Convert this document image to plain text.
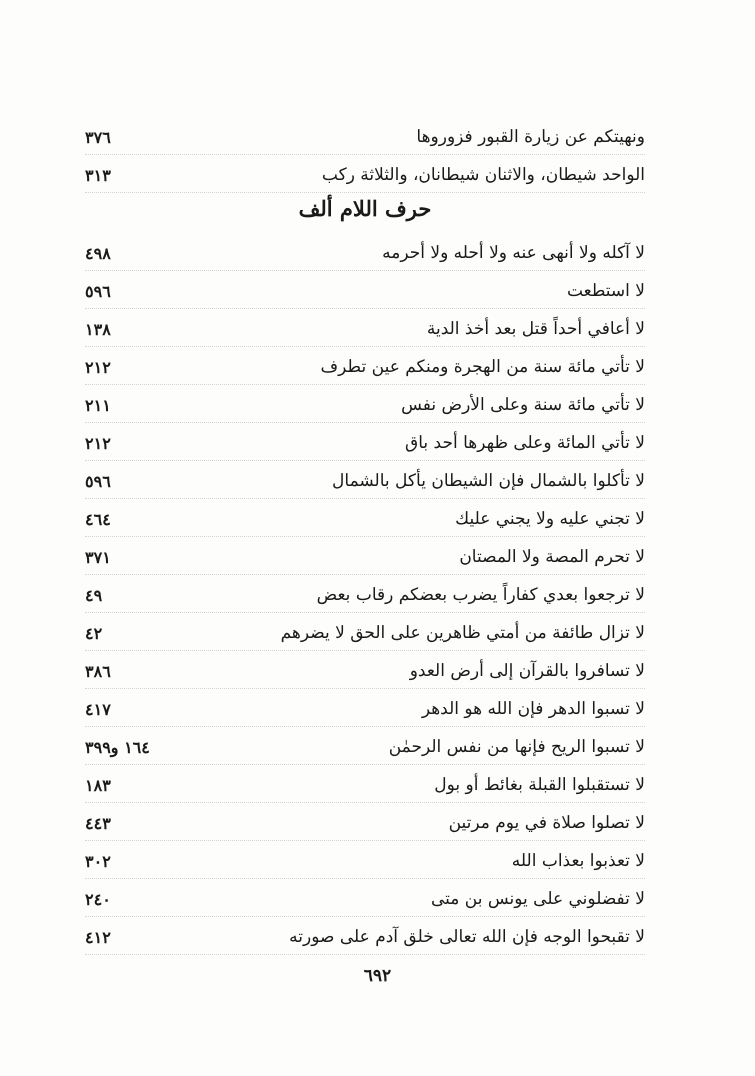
ونهيتكم عن زيارة القبور فزوروها
٣٧٦
الواحد شيطان، والاثنان شيطانان، والثلاثة ركب
٣١٣
حرف اللام ألف
لا آكله ولا أنهى عنه ولا أحله ولا أحرمه
٤٩٨
لا استطعت
٥٩٦
لا أعافي أحداً قتل بعد أخذ الدية
١٣٨
لا تأتي مائة سنة من الهجرة ومنكم عين تطرف
٢١٢
لا تأتي مائة سنة وعلى الأرض نفس
٢١١
لا تأتي المائة وعلى ظهرها أحد باق
٢١٢
لا تأكلوا بالشمال فإن الشيطان يأكل بالشمال
٥٩٦
لا تجني عليه ولا يجني عليك
٤٦٤
لا تحرم المصة ولا المصتان
٣٧١
لا ترجعوا بعدي كفاراً يضرب بعضكم رقاب بعض
٤٩
لا تزال طائفة من أمتي ظاهرين على الحق لا يضرهم
٤٢
لا تسافروا بالقرآن إلى أرض العدو
٣٨٦
لا تسبوا الدهر فإن الله هو الدهر
٤١٧
لا تسبوا الريح فإنها من نفس الرحمٰن
١٦٤ و٣٩٩
لا تستقبلوا القبلة بغائط أو بول
١٨٣
لا تصلوا صلاة في يوم مرتين
٤٤٣
لا تعذبوا بعذاب الله
٣٠٢
لا تفضلوني على يونس بن متى
٢٤٠
لا تقبحوا الوجه فإن الله تعالى خلق آدم على صورته
٤١٢
٦٩٢
